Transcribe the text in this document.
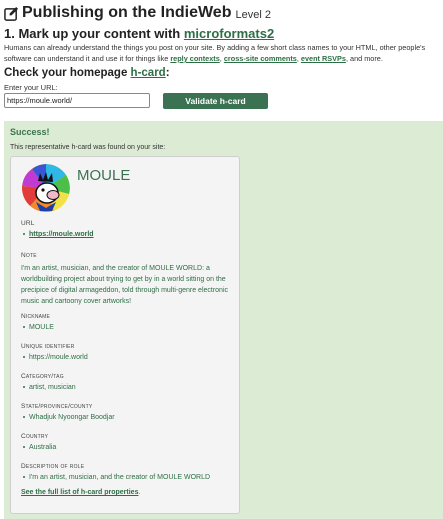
Publishing on the IndieWeb Level 2
1. Mark up your content with microformats2
Humans can already understand the things you post on your site. By adding a few short class names to your HTML, other people's software can understand it and use it for things like reply contexts, cross-site comments, event RSVPs, and more.
Check your homepage h-card:
Enter your URL:
https://moule.world/	Validate h-card
Success!
This representative h-card was found on your site:
MOULE
URL
https://moule.world
Note
I'm an artist, musician, and the creator of MOULE WORLD: a worldbuilding project about trying to get by in a world sitting on the precipice of digital armageddon, told through multi-genre electronic music and cartoony cover artworks!
Nickname
MOULE
Unique identifier
https://moule.world
Category/tag
artist, musician
State/province/county
Whadjuk Nyoongar Boodjar
Country
Australia
Description of role
I'm an artist, musician, and the creator of MOULE WORLD
See the full list of h-card properties.
